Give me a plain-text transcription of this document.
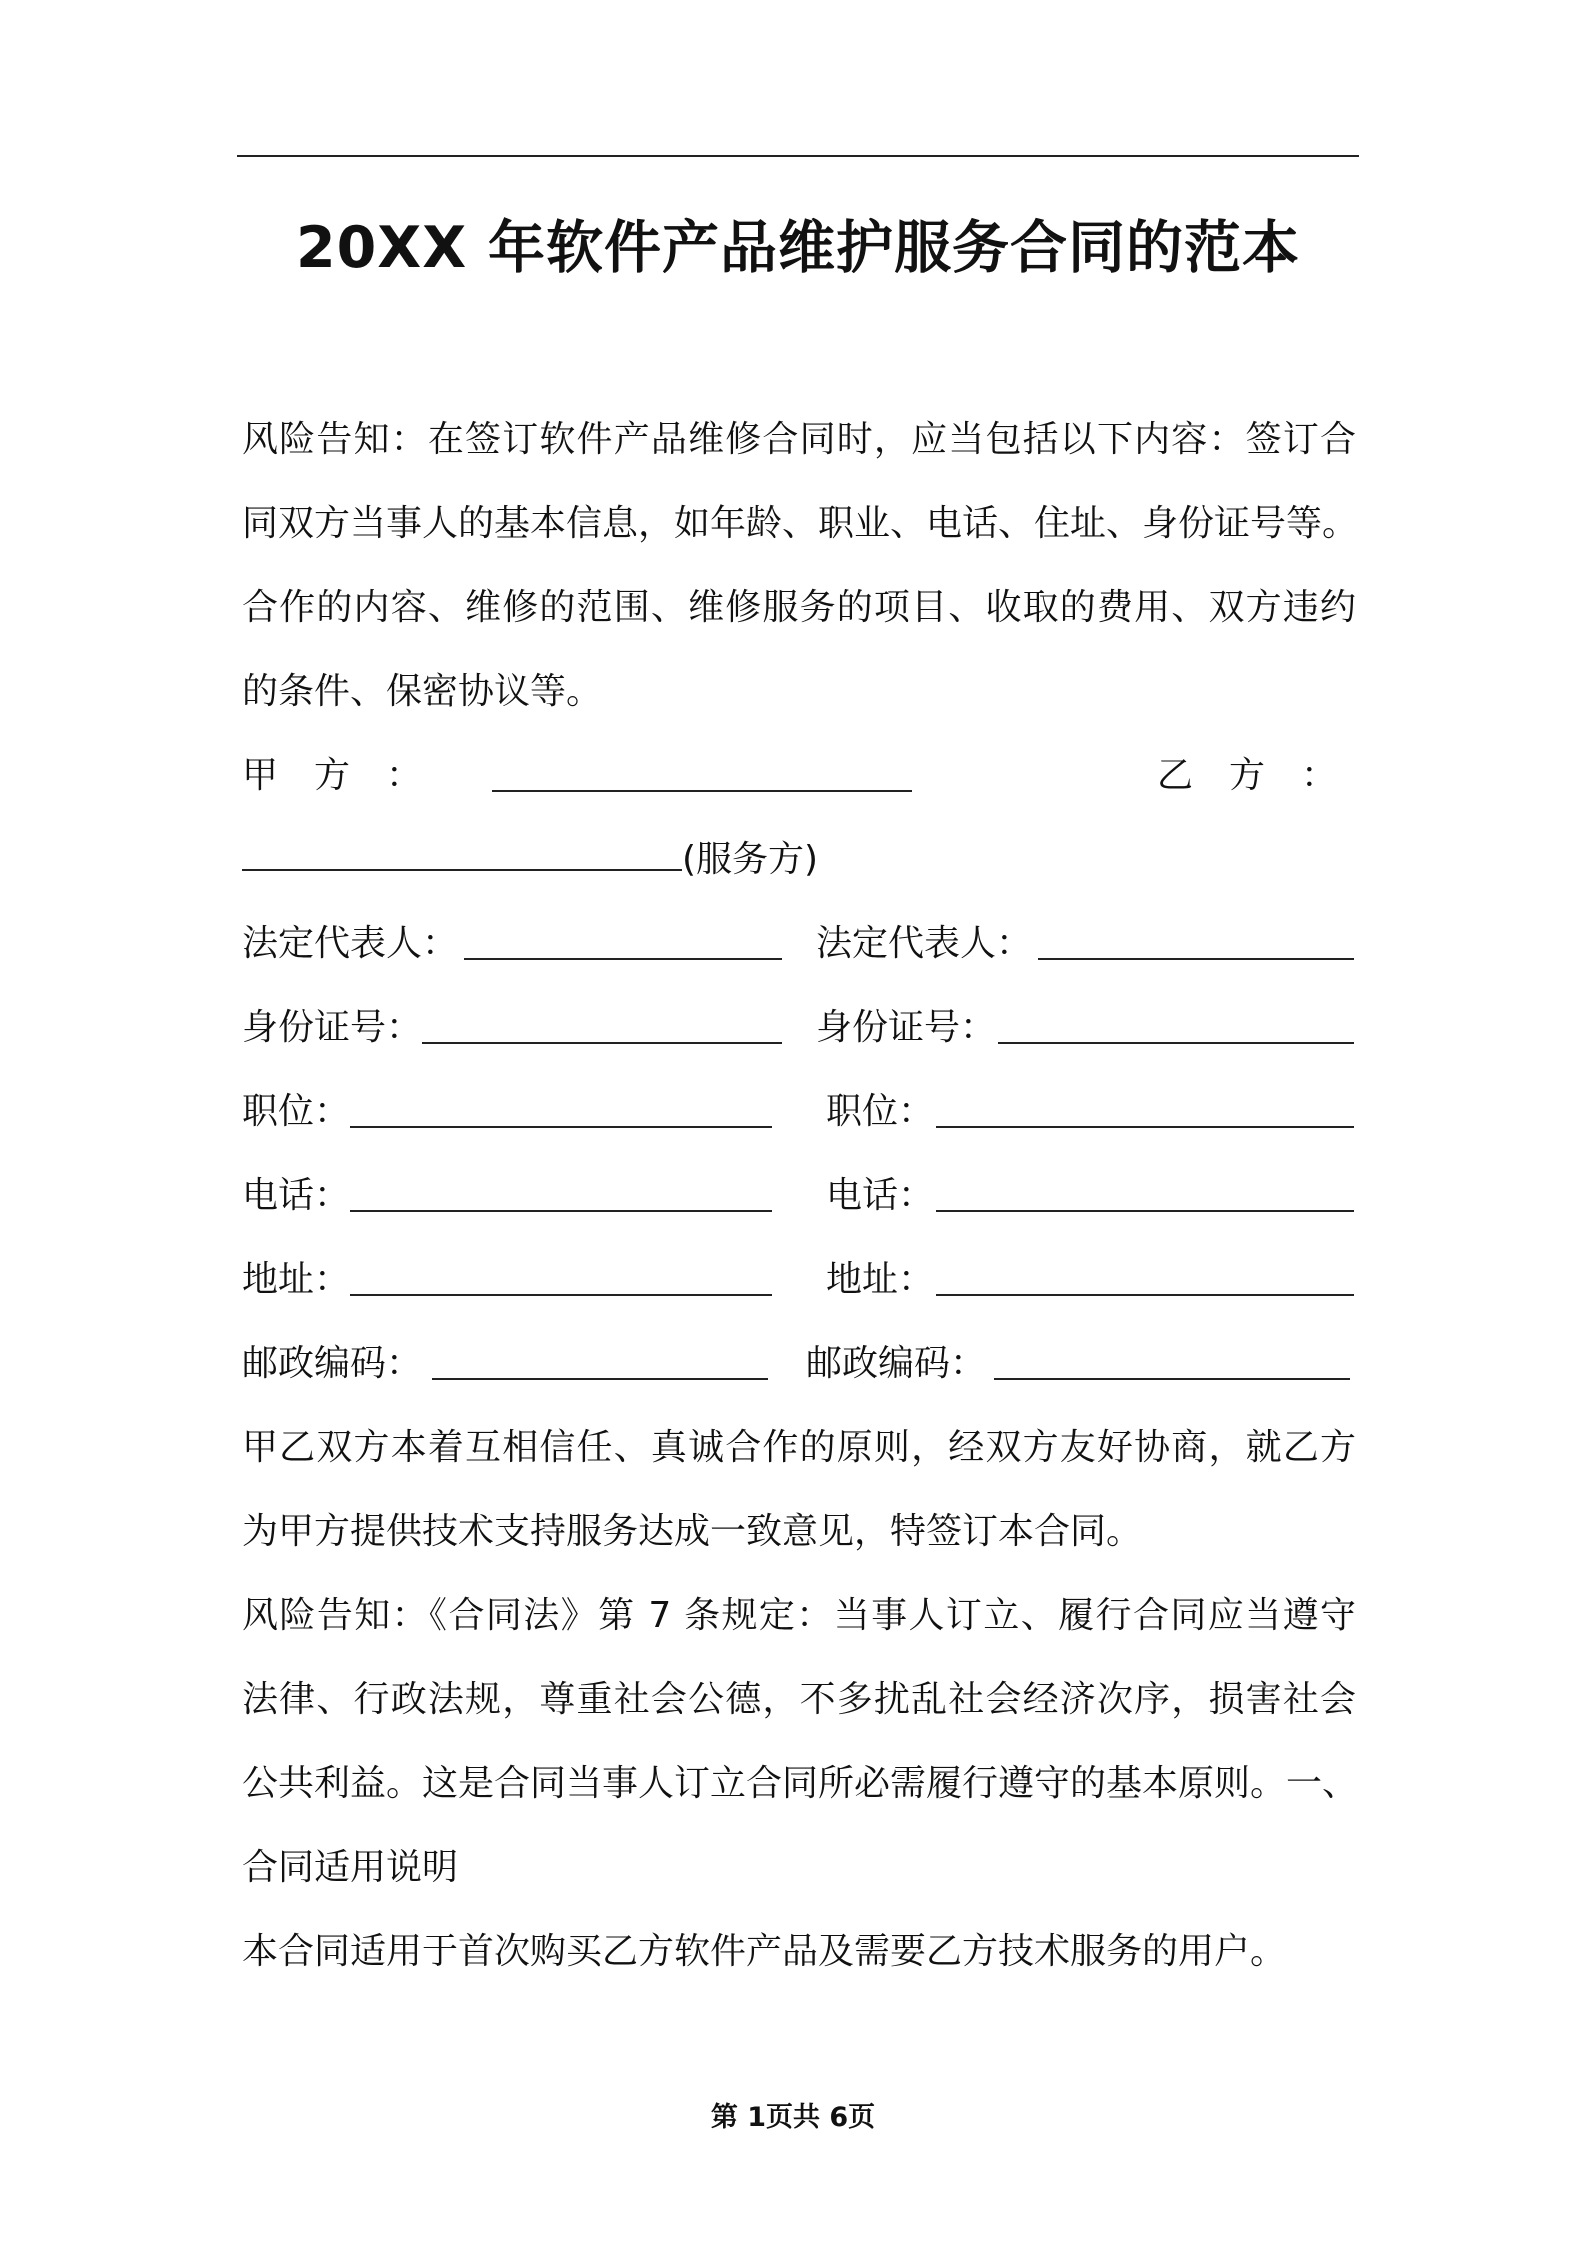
20XX 年软件产品维护服务合同的范本
风险告知：在签订软件产品维修合同时，应当包括以下内容：签订合
同双方当事人的基本信息，如年龄、职业、电话、住址、身份证号等。
合作的内容、维修的范围、维修服务的项目、收取的费用、双方违约
的条件、保密协议等。
甲　方　：	乙　方　：
(服务方)
法定代表人：	法定代表人：
身份证号：	身份证号：
职位：	职位：
电话：	电话：
地址：	地址：
邮政编码：	邮政编码：
甲乙双方本着互相信任、真诚合作的原则，经双方友好协商，就乙方
为甲方提供技术支持服务达成一致意见，特签订本合同。
风险告知：《合同法》第 7 条规定：当事人订立、履行合同应当遵守
法律、行政法规，尊重社会公德，不多扰乱社会经济次序，损害社会
公共利益。这是合同当事人订立合同所必需履行遵守的基本原则。一、
合同适用说明
本合同适用于首次购买乙方软件产品及需要乙方技术服务的用户。
第 1页共 6页
